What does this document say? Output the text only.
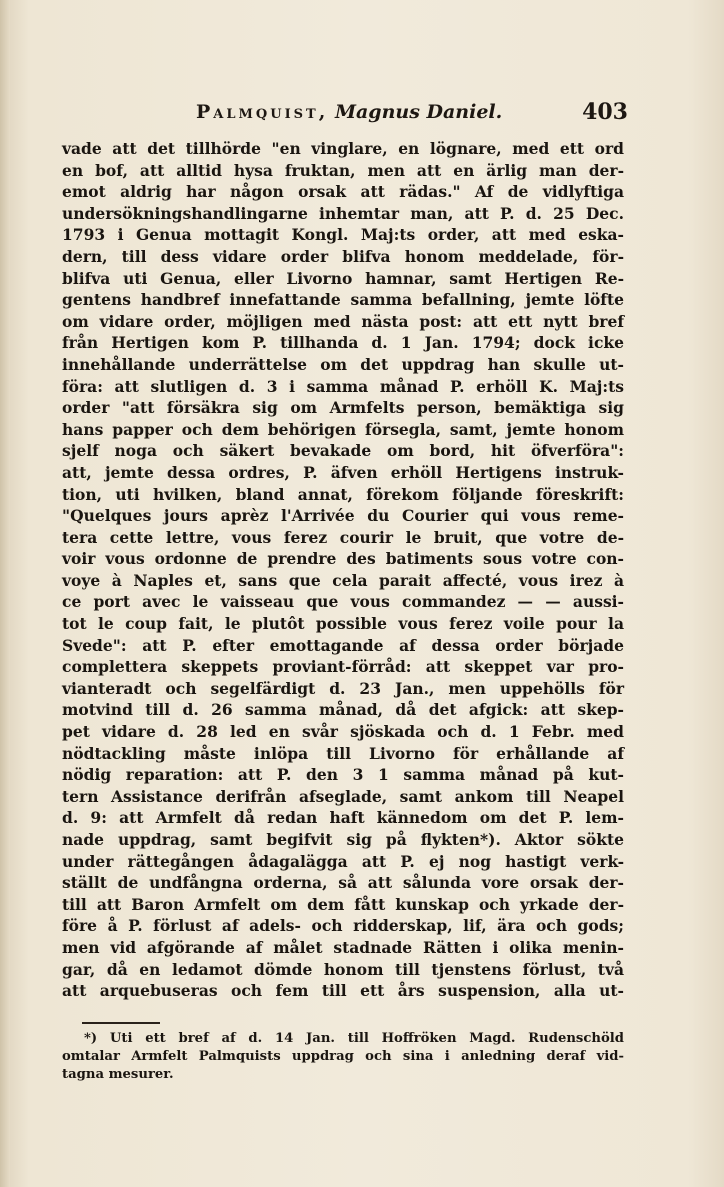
Palmquist, Magnus Daniel.	403
vade att det tillhörde "en vinglare, en lögnare, med ett ord
en bof, att alltid hysa fruktan, men att en ärlig man der-
emot aldrig har någon orsak att rädas." Af de vidlyftiga
undersökningshandlingarne inhemtar man, att P. d. 25 Dec.
1793 i Genua mottagit Kongl. Maj:ts order, att med eska-
dern, till dess vidare order blifva honom meddelade, för-
blifva uti Genua, eller Livorno hamnar, samt Hertigen Re-
gentens handbref innefattande samma befallning, jemte löfte
om vidare order, möjligen med nästa post: att ett nytt bref
från Hertigen kom P. tillhanda d. 1 Jan. 1794; dock icke
innehållande underrättelse om det uppdrag han skulle ut-
föra: att slutligen d. 3 i samma månad P. erhöll K. Maj:ts
order "att försäkra sig om Armfelts person, bemäktiga sig
hans papper och dem behörigen försegla, samt, jemte honom
sjelf noga och säkert bevakade om bord, hit öfverföra":
att, jemte dessa ordres, P. äfven erhöll Hertigens instruk-
tion, uti hvilken, bland annat, förekom följande föreskrift:
"Quelques jours aprèz l'Arrivée du Courier qui vous reme-
tera cette lettre, vous ferez courir le bruit, que votre de-
voir vous ordonne de prendre des batiments sous votre con-
voye à Naples et, sans que cela parait affecté, vous irez à
ce port avec le vaisseau que vous commandez — — aussi-
tot le coup fait, le plutôt possible vous ferez voile pour la
Svede": att P. efter emottagande af dessa order började
complettera skeppets proviant-förråd: att skeppet var pro-
vianteradt och segelfärdigt d. 23 Jan., men uppehölls för
motvind till d. 26 samma månad, då det afgick: att skep-
pet vidare d. 28 led en svår sjöskada och d. 1 Febr. med
nödtackling måste inlöpa till Livorno för erhållande af
nödig reparation: att P. den 3 1 samma månad på kut-
tern Assistance derifrån afseglade, samt ankom till Neapel
d. 9: att Armfelt då redan haft kännedom om det P. lem-
nade uppdrag, samt begifvit sig på flykten*). Aktor sökte
under rättegången ådagalägga att P. ej nog hastigt verk-
ställt de undfångna orderna, så att sålunda vore orsak der-
till att Baron Armfelt om dem fått kunskap och yrkade der-
före å P. förlust af adels- och ridderskap, lif, ära och gods;
men vid afgörande af målet stadnade Rätten i olika menin-
gar, då en ledamot dömde honom till tjenstens förlust, två
att arquebuseras och fem till ett års suspension, alla ut-
*) Uti ett bref af d. 14 Jan. till Hoffröken Magd. Rudenschöld
omtalar Armfelt Palmquists uppdrag och sina i anledning deraf vid-
tagna mesurer.
